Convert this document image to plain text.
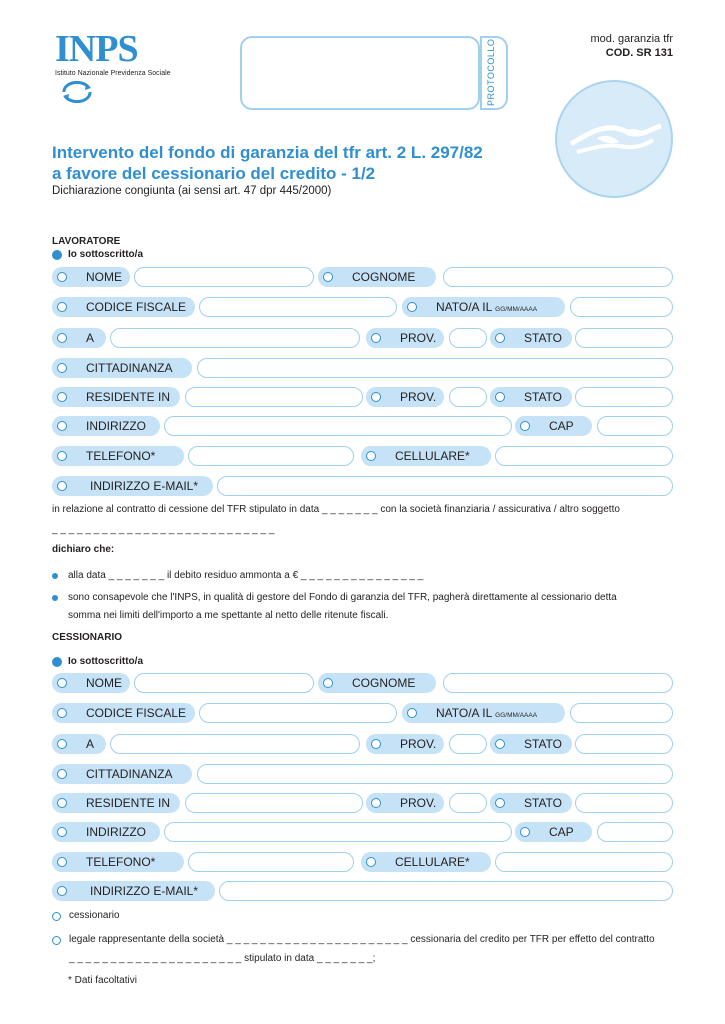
INPS
Istituto Nazionale Previdenza Sociale	PROTOCOLLO	mod. garanzia tfr
COD. SR 131
Intervento del fondo di garanzia del tfr art. 2 L. 297/82
a favore del cessionario del credito - 1/2
Dichiarazione congiunta (ai sensi art. 47 dpr 445/2000)
LAVORATORE
Io sottoscritto/a
NOME	COGNOME
CODICE FISCALE	NATO/A IL GG/MM/AAAA
A	PROV.	STATO
CITTADINANZA
RESIDENTE IN	PROV.	STATO
INDIRIZZO	CAP
TELEFONO*	CELLULARE*
INDIRIZZO E-MAIL*
in relazione al contratto di cessione del TFR stipulato in data _ _ _ _ _ _ _ con la società finanziaria / assicurativa / altro soggetto
_ _ _ _ _ _ _ _ _ _ _ _ _ _ _ _ _ _ _ _ _ _ _ _ _ _ _
dichiaro che:
alla data _ _ _ _ _ _ _ il debito residuo ammonta a € _ _ _ _ _ _ _ _ _ _ _ _ _ _ _
sono consapevole che l'INPS, in qualità di gestore del Fondo di garanzia del TFR, pagherà direttamente al cessionario detta
somma nei limiti dell'importo a me spettante al netto delle ritenute fiscali.
CESSIONARIO
Io sottoscritto/a
NOME	COGNOME
CODICE FISCALE	NATO/A IL GG/MM/AAAA
A	PROV.	STATO
CITTADINANZA
RESIDENTE IN	PROV.	STATO
INDIRIZZO	CAP
TELEFONO*	CELLULARE*
INDIRIZZO E-MAIL*
cessionario
legale rappresentante della società _ _ _ _ _ _ _ _ _ _ _ _ _ _ _ _ _ _ _ _ _ _ cessionaria del credito per TFR per effetto del contratto
_ _ _ _ _ _ _ _ _ _ _ _ _ _ _ _ _ _ _ _ _ stipulato in data _ _ _ _ _ _ _;
* Dati facoltativi
